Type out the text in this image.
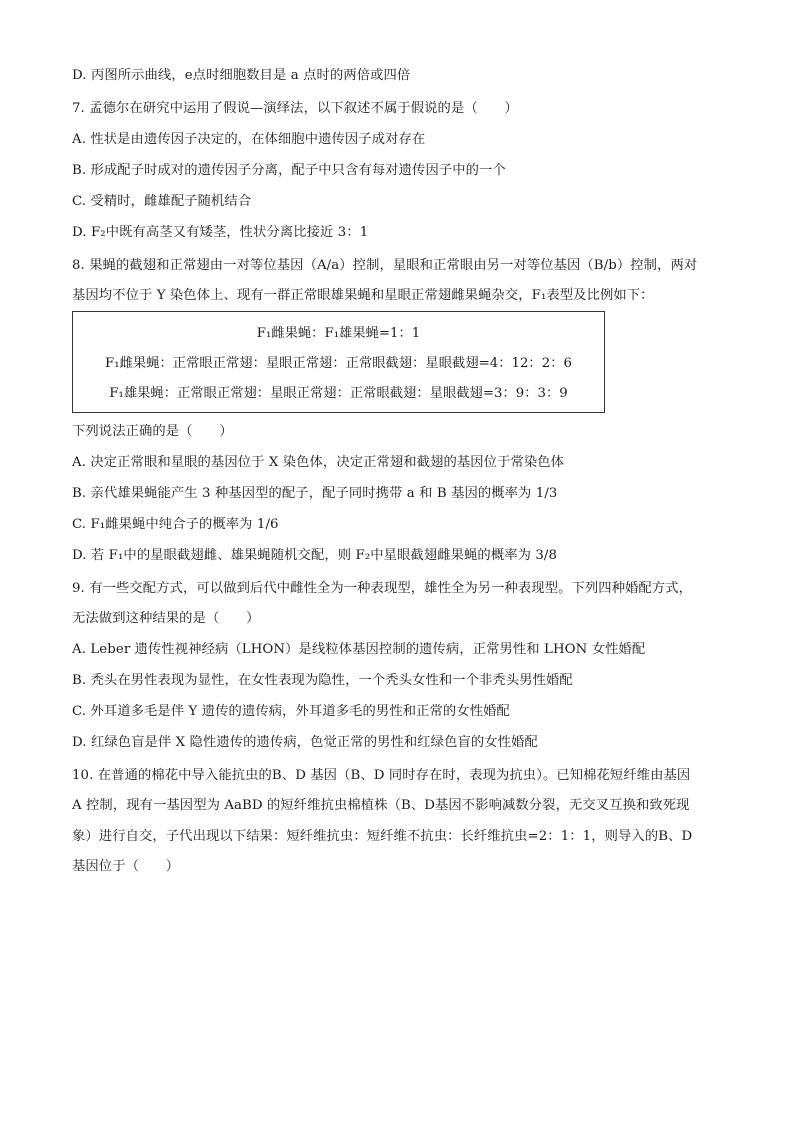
D. 丙图所示曲线，e点时细胞数目是 a 点时的两倍或四倍
7. 孟德尔在研究中运用了假说—演绎法，以下叙述不属于假说的是（　　）
A. 性状是由遗传因子决定的，在体细胞中遗传因子成对存在
B. 形成配子时成对的遗传因子分离，配子中只含有每对遗传因子中的一个
C. 受精时，雌雄配子随机结合
D. F₂中既有高茎又有矮茎，性状分离比接近 3：1
8. 果蝇的截翅和正常翅由一对等位基因（A/a）控制，星眼和正常眼由另一对等位基因（B/b）控制，两对
基因均不位于 Y 染色体上、现有一群正常眼雄果蝇和星眼正常翅雌果蝇杂交，F₁表型及比例如下：
F₁雌果蝇：F₁雄果蝇=1：1
F₁雌果蝇：正常眼正常翅：星眼正常翅：正常眼截翅：星眼截翅=4：12：2：6
F₁雄果蝇：正常眼正常翅：星眼正常翅：正常眼截翅：星眼截翅=3：9：3：9
下列说法正确的是（　　）
A. 决定正常眼和星眼的基因位于 X 染色体，决定正常翅和截翅的基因位于常染色体
B. 亲代雄果蝇能产生 3 种基因型的配子，配子同时携带 a 和 B 基因的概率为 1/3
C. F₁雌果蝇中纯合子的概率为 1/6
D. 若 F₁中的星眼截翅雌、雄果蝇随机交配，则 F₂中星眼截翅雌果蝇的概率为 3/8
9. 有一些交配方式，可以做到后代中雌性全为一种表现型，雄性全为另一种表现型。下列四种婚配方式，
无法做到这种结果的是（　　）
A. Leber 遗传性视神经病（LHON）是线粒体基因控制的遗传病，正常男性和 LHON 女性婚配
B. 秃头在男性表现为显性，在女性表现为隐性，一个秃头女性和一个非秃头男性婚配
C. 外耳道多毛是伴 Y 遗传的遗传病，外耳道多毛的男性和正常的女性婚配
D. 红绿色盲是伴 X 隐性遗传的遗传病，色觉正常的男性和红绿色盲的女性婚配
10. 在普通的棉花中导入能抗虫的B、D 基因（B、D 同时存在时，表现为抗虫）。已知棉花短纤维由基因
A 控制，现有一基因型为 AaBD 的短纤维抗虫棉植株（B、D基因不影响减数分裂，无交叉互换和致死现
象）进行自交，子代出现以下结果：短纤维抗虫：短纤维不抗虫：长纤维抗虫=2：1：1，则导入的B、D
基因位于（　　）
